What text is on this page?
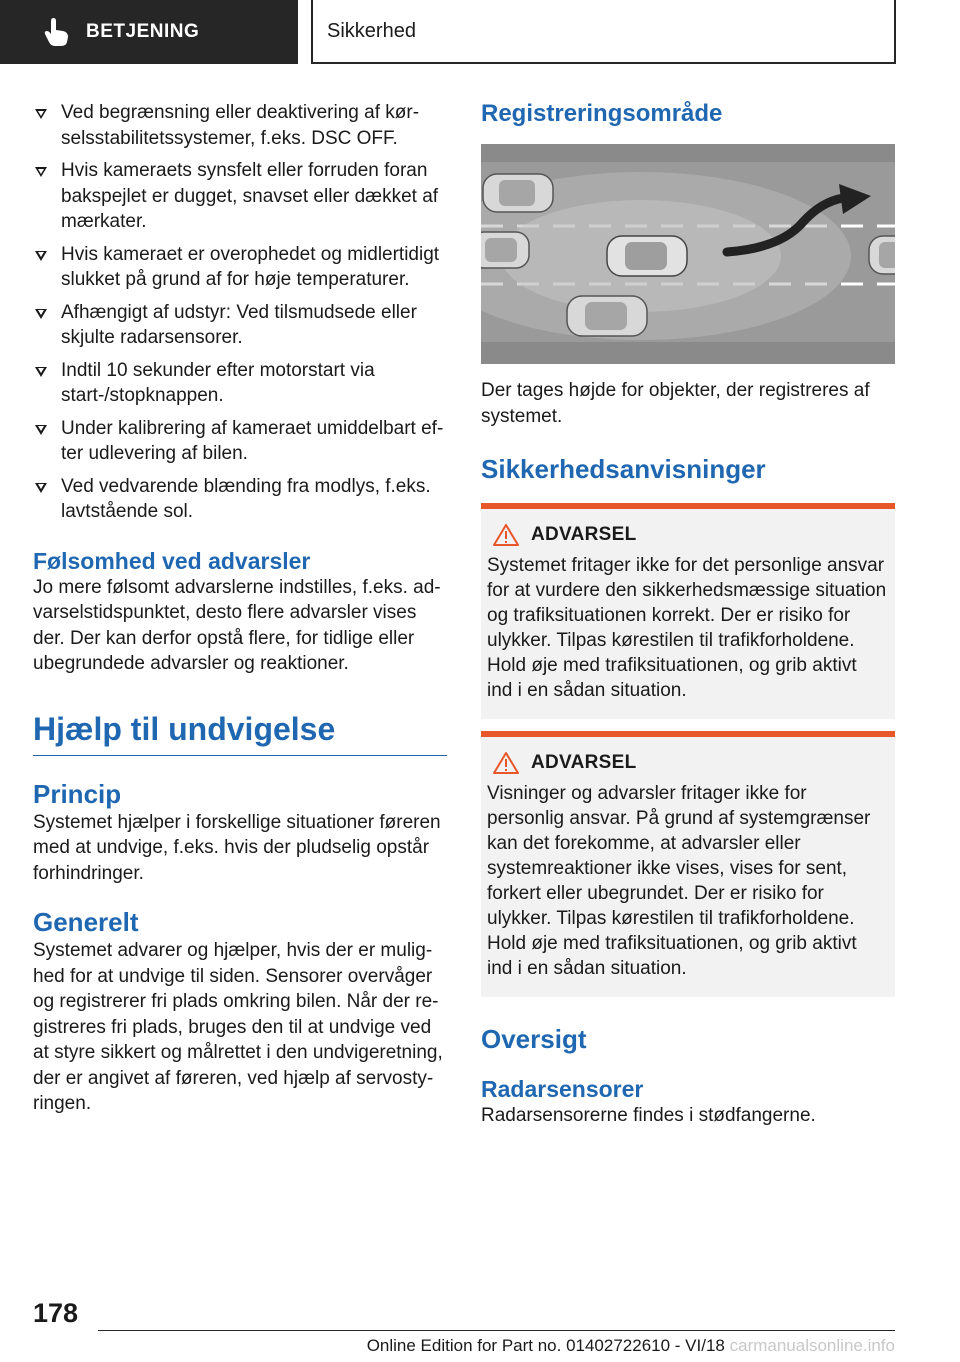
BETJENING	Sikkerhed
Ved begrænsning eller deaktivering af kørselsstabilitetssystemer, f.eks. DSC OFF.
Hvis kameraets synsfelt eller forruden foran bakspejlet er dugget, snavset eller dækket af mærkater.
Hvis kameraet er overophedet og midlertidigt slukket på grund af for høje temperaturer.
Afhængigt af udstyr: Ved tilsmudsede eller skjulte radarsensorer.
Indtil 10 sekunder efter motorstart via start-/stopknappen.
Under kalibrering af kameraet umiddelbart efter udlevering af bilen.
Ved vedvarende blænding fra modlys, f.eks. lavtstående sol.
Følsomhed ved advarsler

Jo mere følsomt advarslerne indstilles, f.eks. advarselstidspunktet, desto flere advarsler vises der. Der kan derfor opstå flere, for tidlige eller ubegrundede advarsler og reaktioner.

Hjælp til undvigelse
Princip

Systemet hjælper i forskellige situationer føreren med at undvige, f.eks. hvis der pludselig opstår forhindringer.

Generelt

Systemet advarer og hjælper, hvis der er mulighed for at undvige til siden. Sensorer overvåger og registrerer fri plads omkring bilen. Når der registreres fri plads, bruges den til at undvige ved at styre sikkert og målrettet i den undvigeretning, der er angivet af føreren, ved hjælp af servostyringen.

Registreringsområde

Der tages højde for objekter, der registreres af systemet.

Sikkerhedsanvisninger
ADVARSEL

Systemet fritager ikke for det personlige ansvar for at vurdere den sikkerhedsmæssige situation og trafiksituationen korrekt. Der er risiko for ulykker. Tilpas kørestilen til trafikforholdene. Hold øje med trafiksituationen, og grib aktivt ind i en sådan situation.

ADVARSEL

Visninger og advarsler fritager ikke for personlig ansvar. På grund af systemgrænser kan det forekomme, at advarsler eller systemreaktioner ikke vises, vises for sent, forkert eller ubegrundet. Der er risiko for ulykker. Tilpas kørestilen til trafikforholdene. Hold øje med trafiksituationen, og grib aktivt ind i en sådan situation.

Oversigt
Radarsensorer

Radarsensorerne findes i stødfangerne.

178
Online Edition for Part no. 01402722610 - VI/18 carmanualsonline.info
